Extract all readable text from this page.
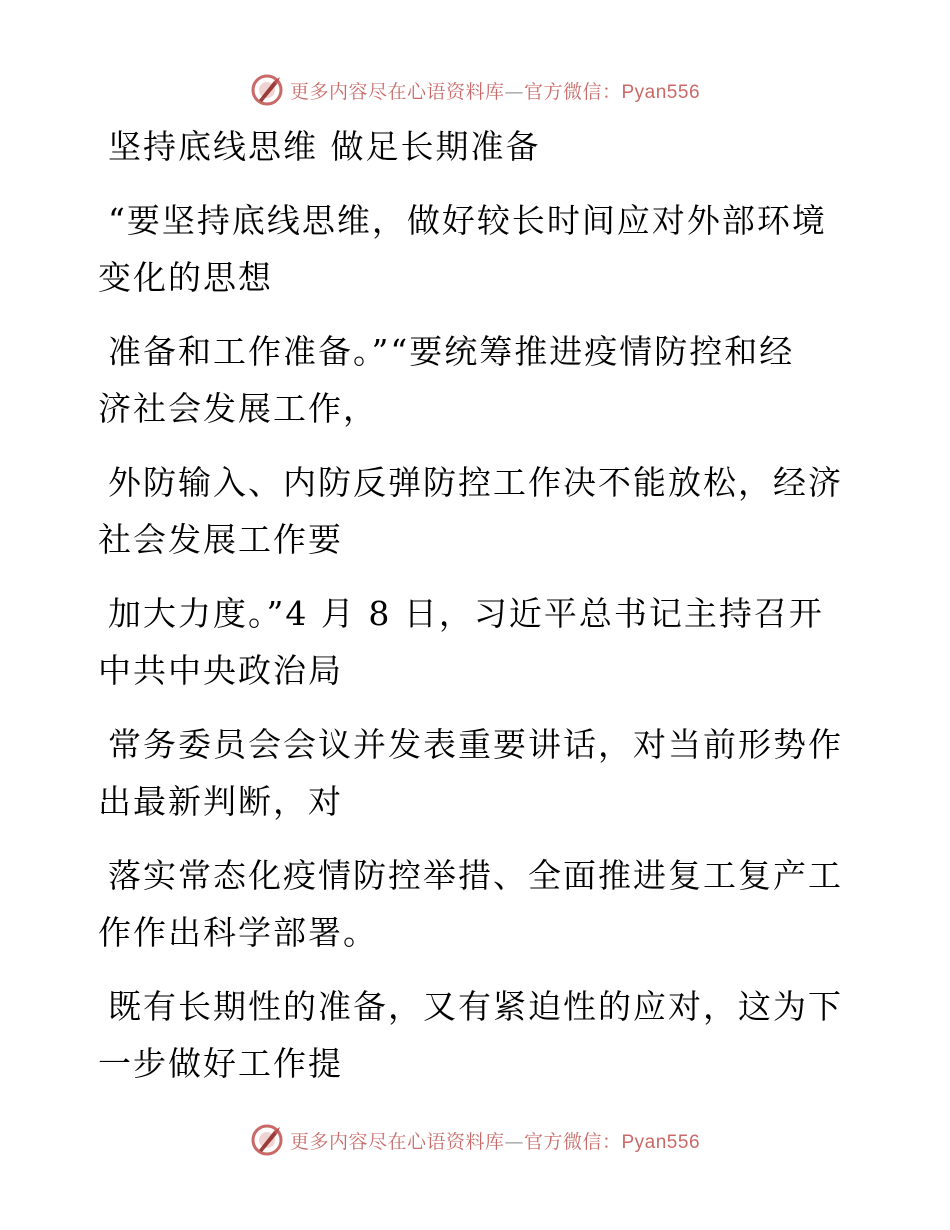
更多内容尽在心语资料库—官方微信：Pyan556

坚持底线思维 做足长期准备

“要坚持底线思维，做好较长时间应对外部环境

变化的思想

准备和工作准备。”“要统筹推进疫情防控和经

济社会发展工作，

外防输入、内防反弹防控工作决不能放松，经济

社会发展工作要

加大力度。”4 月 8 日，习近平总书记主持召开

中共中央政治局

常务委员会会议并发表重要讲话，对当前形势作

出最新判断，对

落实常态化疫情防控举措、全面推进复工复产工

作作出科学部署。

既有长期性的准备，又有紧迫性的应对，这为下

一步做好工作提

更多内容尽在心语资料库—官方微信：Pyan556
